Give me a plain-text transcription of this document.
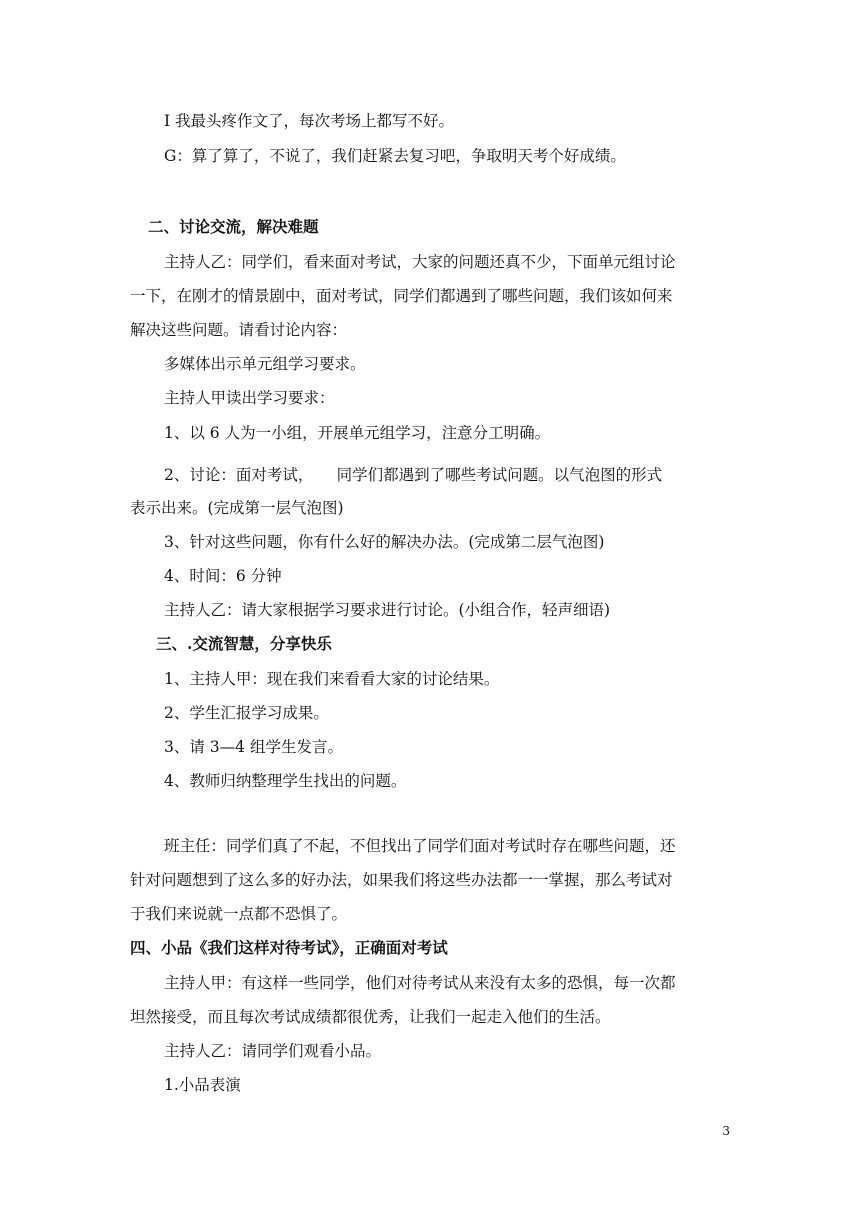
I 我最头疼作文了，每次考场上都写不好。
G：算了算了，不说了，我们赶紧去复习吧，争取明天考个好成绩。
二、讨论交流，解决难题
主持人乙：同学们，看来面对考试，大家的问题还真不少，下面单元组讨论
一下，在刚才的情景剧中，面对考试，同学们都遇到了哪些问题，我们该如何来
解决这些问题。请看讨论内容：
多媒体出示单元组学习要求。
主持人甲读出学习要求：
1、以 6 人为一小组，开展单元组学习，注意分工明确。
2、讨论：面对考试，　　同学们都遇到了哪些考试问题。以气泡图的形式
表示出来。(完成第一层气泡图)
3、针对这些问题，你有什么好的解决办法。(完成第二层气泡图)
4、时间：6 分钟
主持人乙：请大家根据学习要求进行讨论。(小组合作，轻声细语)
三、.交流智慧，分享快乐
1、主持人甲：现在我们来看看大家的讨论结果。
2、学生汇报学习成果。
3、请 3—4 组学生发言。
4、教师归纳整理学生找出的问题。
班主任：同学们真了不起，不但找出了同学们面对考试时存在哪些问题，还
针对问题想到了这么多的好办法，如果我们将这些办法都一一掌握，那么考试对
于我们来说就一点都不恐惧了。
四、小品《我们这样对待考试》，正确面对考试
主持人甲：有这样一些同学，他们对待考试从来没有太多的恐惧，每一次都
坦然接受，而且每次考试成绩都很优秀，让我们一起走入他们的生活。
主持人乙：请同学们观看小品。
1.小品表演
3
